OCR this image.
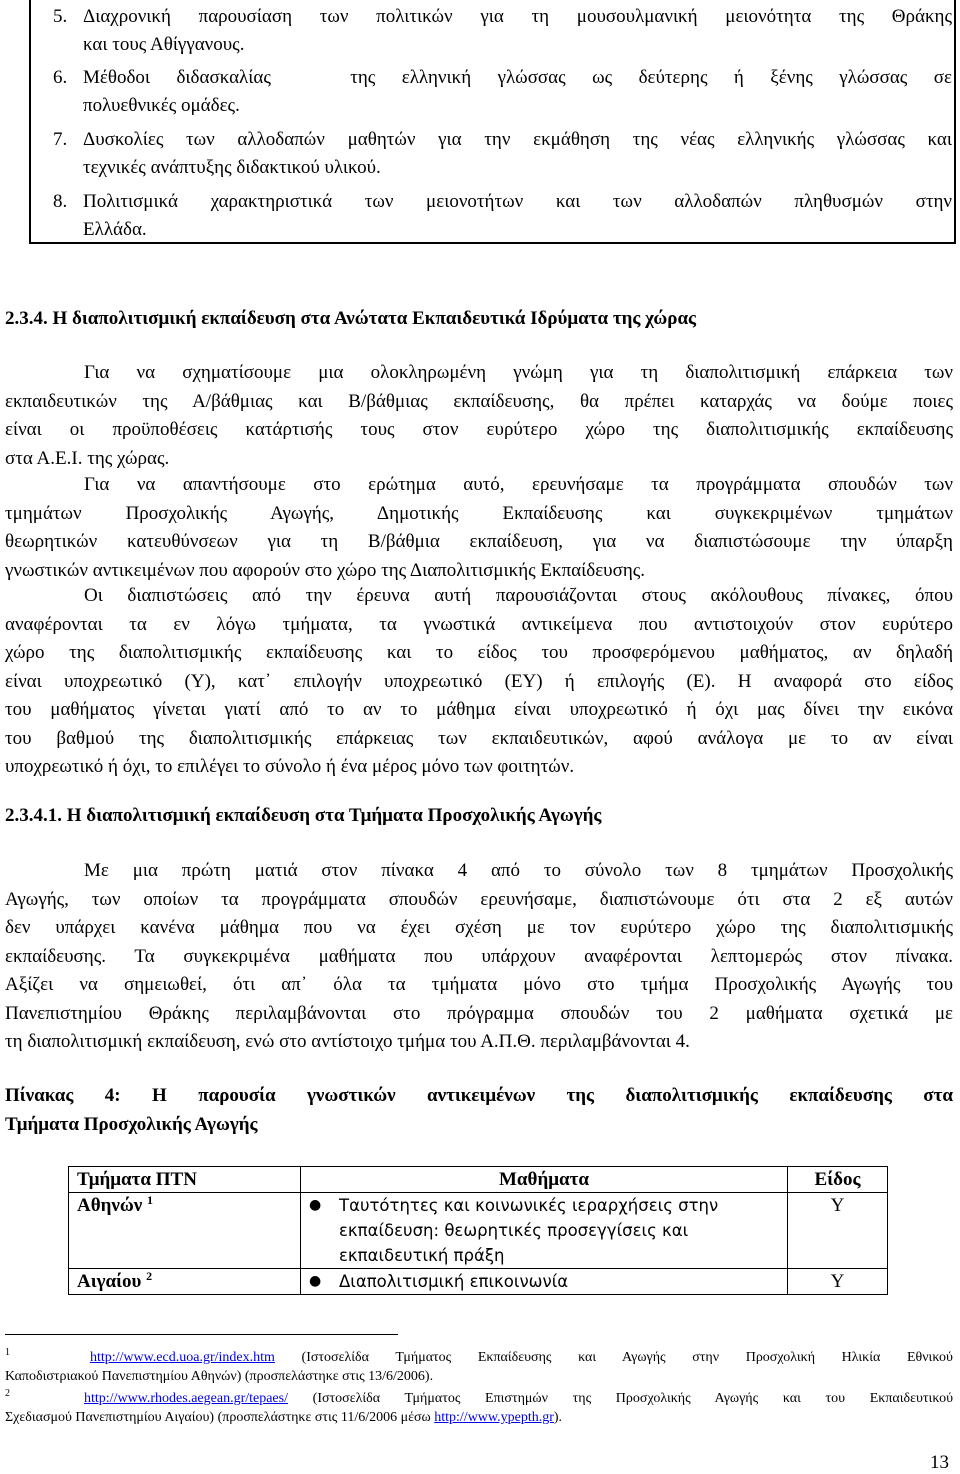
5. Διαχρονική παρουσίαση των πολιτικών για τη μουσουλμανική μειονότητα της Θράκης
και τους Αθίγγανους.
6. Μέθοδοι διδασκαλίας   της ελληνική γλώσσας ως δεύτερης ή ξένης γλώσσας σε
πολυεθνικές ομάδες.
7. Δυσκολίες των αλλοδαπών μαθητών για την εκμάθηση της νέας ελληνικής γλώσσας και
τεχνικές ανάπτυξης διδακτικού υλικού.
8. Πολιτισμικά χαρακτηριστικά των μειονοτήτων και των αλλοδαπών πληθυσμών στην
Ελλάδα.
2.3.4. Η διαπολιτισμική εκπαίδευση στα Ανώτατα Εκπαιδευτικά Ιδρύματα της χώρας
Για να σχηματίσουμε μια ολοκληρωμένη γνώμη για τη διαπολιτισμική επάρκεια των
εκπαιδευτικών της Α/βάθμιας και Β/βάθμιας εκπαίδευσης, θα πρέπει καταρχάς να δούμε ποιες
είναι οι προϋποθέσεις κατάρτισής τους στον ευρύτερο χώρο της διαπολιτισμικής εκπαίδευσης
στα Α.Ε.Ι. της χώρας.
Για να απαντήσουμε στο ερώτημα αυτό, ερευνήσαμε τα προγράμματα σπουδών των
τμημάτων Προσχολικής Αγωγής, Δημοτικής Εκπαίδευσης και συγκεκριμένων τμημάτων
θεωρητικών κατευθύνσεων για τη Β/βάθμια εκπαίδευση, για να διαπιστώσουμε την ύπαρξη
γνωστικών αντικειμένων που αφορούν στο χώρο της Διαπολιτισμικής Εκπαίδευσης.
Οι διαπιστώσεις από την έρευνα αυτή παρουσιάζονται στους ακόλουθους πίνακες, όπου
αναφέρονται τα εν λόγω τμήματα, τα γνωστικά αντικείμενα που αντιστοιχούν στον ευρύτερο
χώρο της διαπολιτισμικής εκπαίδευσης και το είδος του προσφερόμενου μαθήματος, αν δηλαδή
είναι υποχρεωτικό (Υ), κατ᾽ επιλογήν υποχρεωτικό (ΕΥ) ή επιλογής (Ε). Η αναφορά στο είδος
του μαθήματος γίνεται γιατί από το αν το μάθημα είναι υποχρεωτικό ή όχι μας δίνει την εικόνα
του βαθμού της διαπολιτισμικής επάρκειας των εκπαιδευτικών, αφού ανάλογα με το αν είναι
υποχρεωτικό ή όχι, το επιλέγει το σύνολο ή ένα μέρος μόνο των φοιτητών.
2.3.4.1. Η διαπολιτισμική εκπαίδευση στα Τμήματα Προσχολικής Αγωγής
Με μια πρώτη ματιά στον πίνακα 4 από το σύνολο των 8 τμημάτων Προσχολικής
Αγωγής, των οποίων τα προγράμματα σπουδών ερευνήσαμε, διαπιστώνουμε ότι στα 2 εξ αυτών
δεν υπάρχει κανένα μάθημα που να έχει σχέση με τον ευρύτερο χώρο της διαπολιτισμικής
εκπαίδευσης. Τα συγκεκριμένα μαθήματα που υπάρχουν αναφέρονται λεπτομερώς στον πίνακα.
Αξίζει να σημειωθεί, ότι απ᾽ όλα τα τμήματα μόνο στο τμήμα Προσχολικής Αγωγής του
Πανεπιστημίου Θράκης περιλαμβάνονται στο πρόγραμμα σπουδών του 2 μαθήματα σχετικά με
τη διαπολιτισμική εκπαίδευση, ενώ στο αντίστοιχο τμήμα του Α.Π.Θ. περιλαμβάνονται 4.
Πίνακας 4: Η παρουσία γνωστικών αντικειμένων της διαπολιτισμικής εκπαίδευσης στα
Τμήματα Προσχολικής Αγωγής
Τμήματα ΠΤΝ	Μαθήματα	Είδος
Αθηνών $^1$	● Ταυτότητες και κοινωνικές ιεραρχήσεις στην
εκπαίδευση: θεωρητικές προσεγγίσεις και
εκπαιδευτική πράξη	Υ
Αιγαίου $^2$	● Διαπολιτισμική επικοινωνία	Υ
$^1$	http://www.ecd.uoa.gr/index.htm (Ιστοσελίδα Τμήματος Εκπαίδευσης και Αγωγής στην Προσχολική Ηλικία Εθνικού
Καποδιστριακού Πανεπιστημίου Αθηνών) (προσπελάστηκε στις 13/6/2006).
$^2$	http://www.rhodes.aegean.gr/tepaes/ (Ιστοσελίδα Τμήματος Επιστημών της Προσχολικής Αγωγής και του Εκπαιδευτικού
Σχεδιασμού Πανεπιστημίου Αιγαίου) (προσπελάστηκε στις 11/6/2006 μέσω http://www.ypepth.gr).
13
